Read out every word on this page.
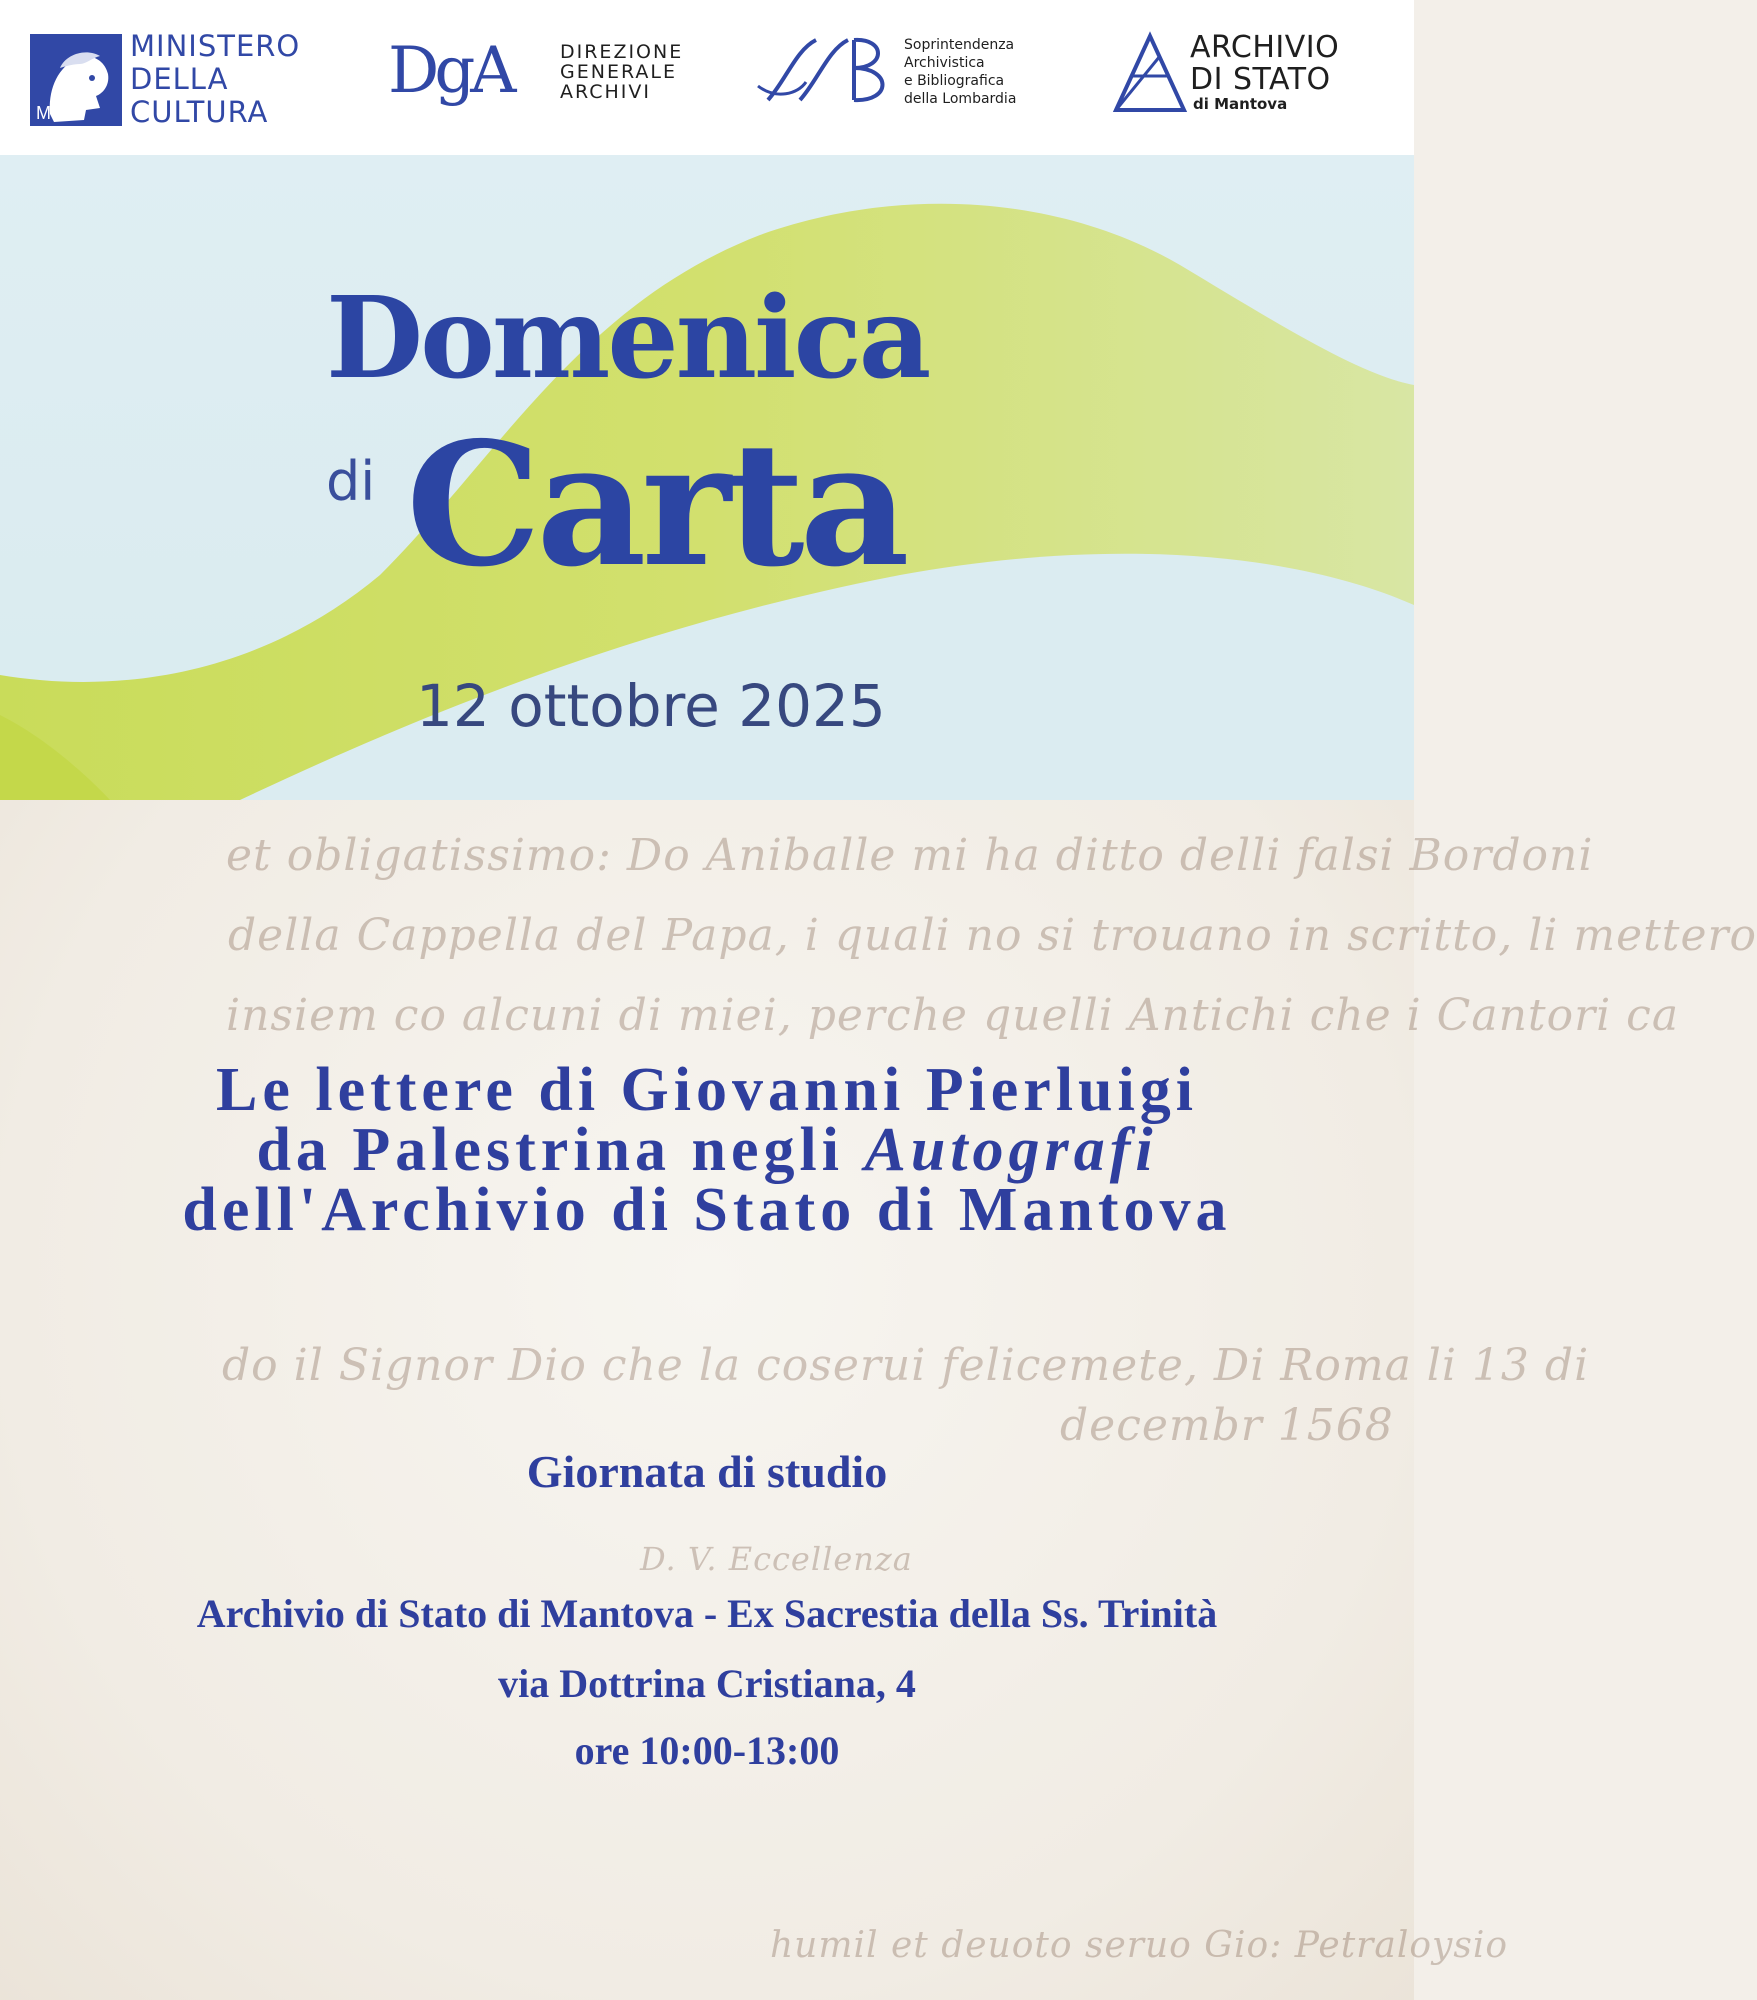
MiC
MINISTERO
DELLA
CULTURA
DgA	DIREZIONE
GENERALE
ARCHIVI
Soprintendenza
Archivistica
e Bibliografica
della Lombardia
ARCHIVIO
DI STATO
di Mantova
Domenica
di Carta
12 ottobre 2025
et obligatissimo: Do Aniballe mi ha ditto delli falsi Bordoni
della Cappella del Papa, i quali no si trouano in scritto, li mettero
insiem co alcuni di miei, perche quelli Antichi che i Cantori ca
do il Signor Dio che la coserui felicemete, Di Roma li 13 di
decembr 1568
D. V. Eccellenza
humil et deuoto seruo Gio: Petraloysio
Le lettere di Giovanni Pierluigi
da Palestrina negli Autografi
dell'Archivio di Stato di Mantova
Giornata di studio
Archivio di Stato di Mantova - Ex Sacrestia della Ss. Trinità
via Dottrina Cristiana, 4
ore 10:00-13:00
